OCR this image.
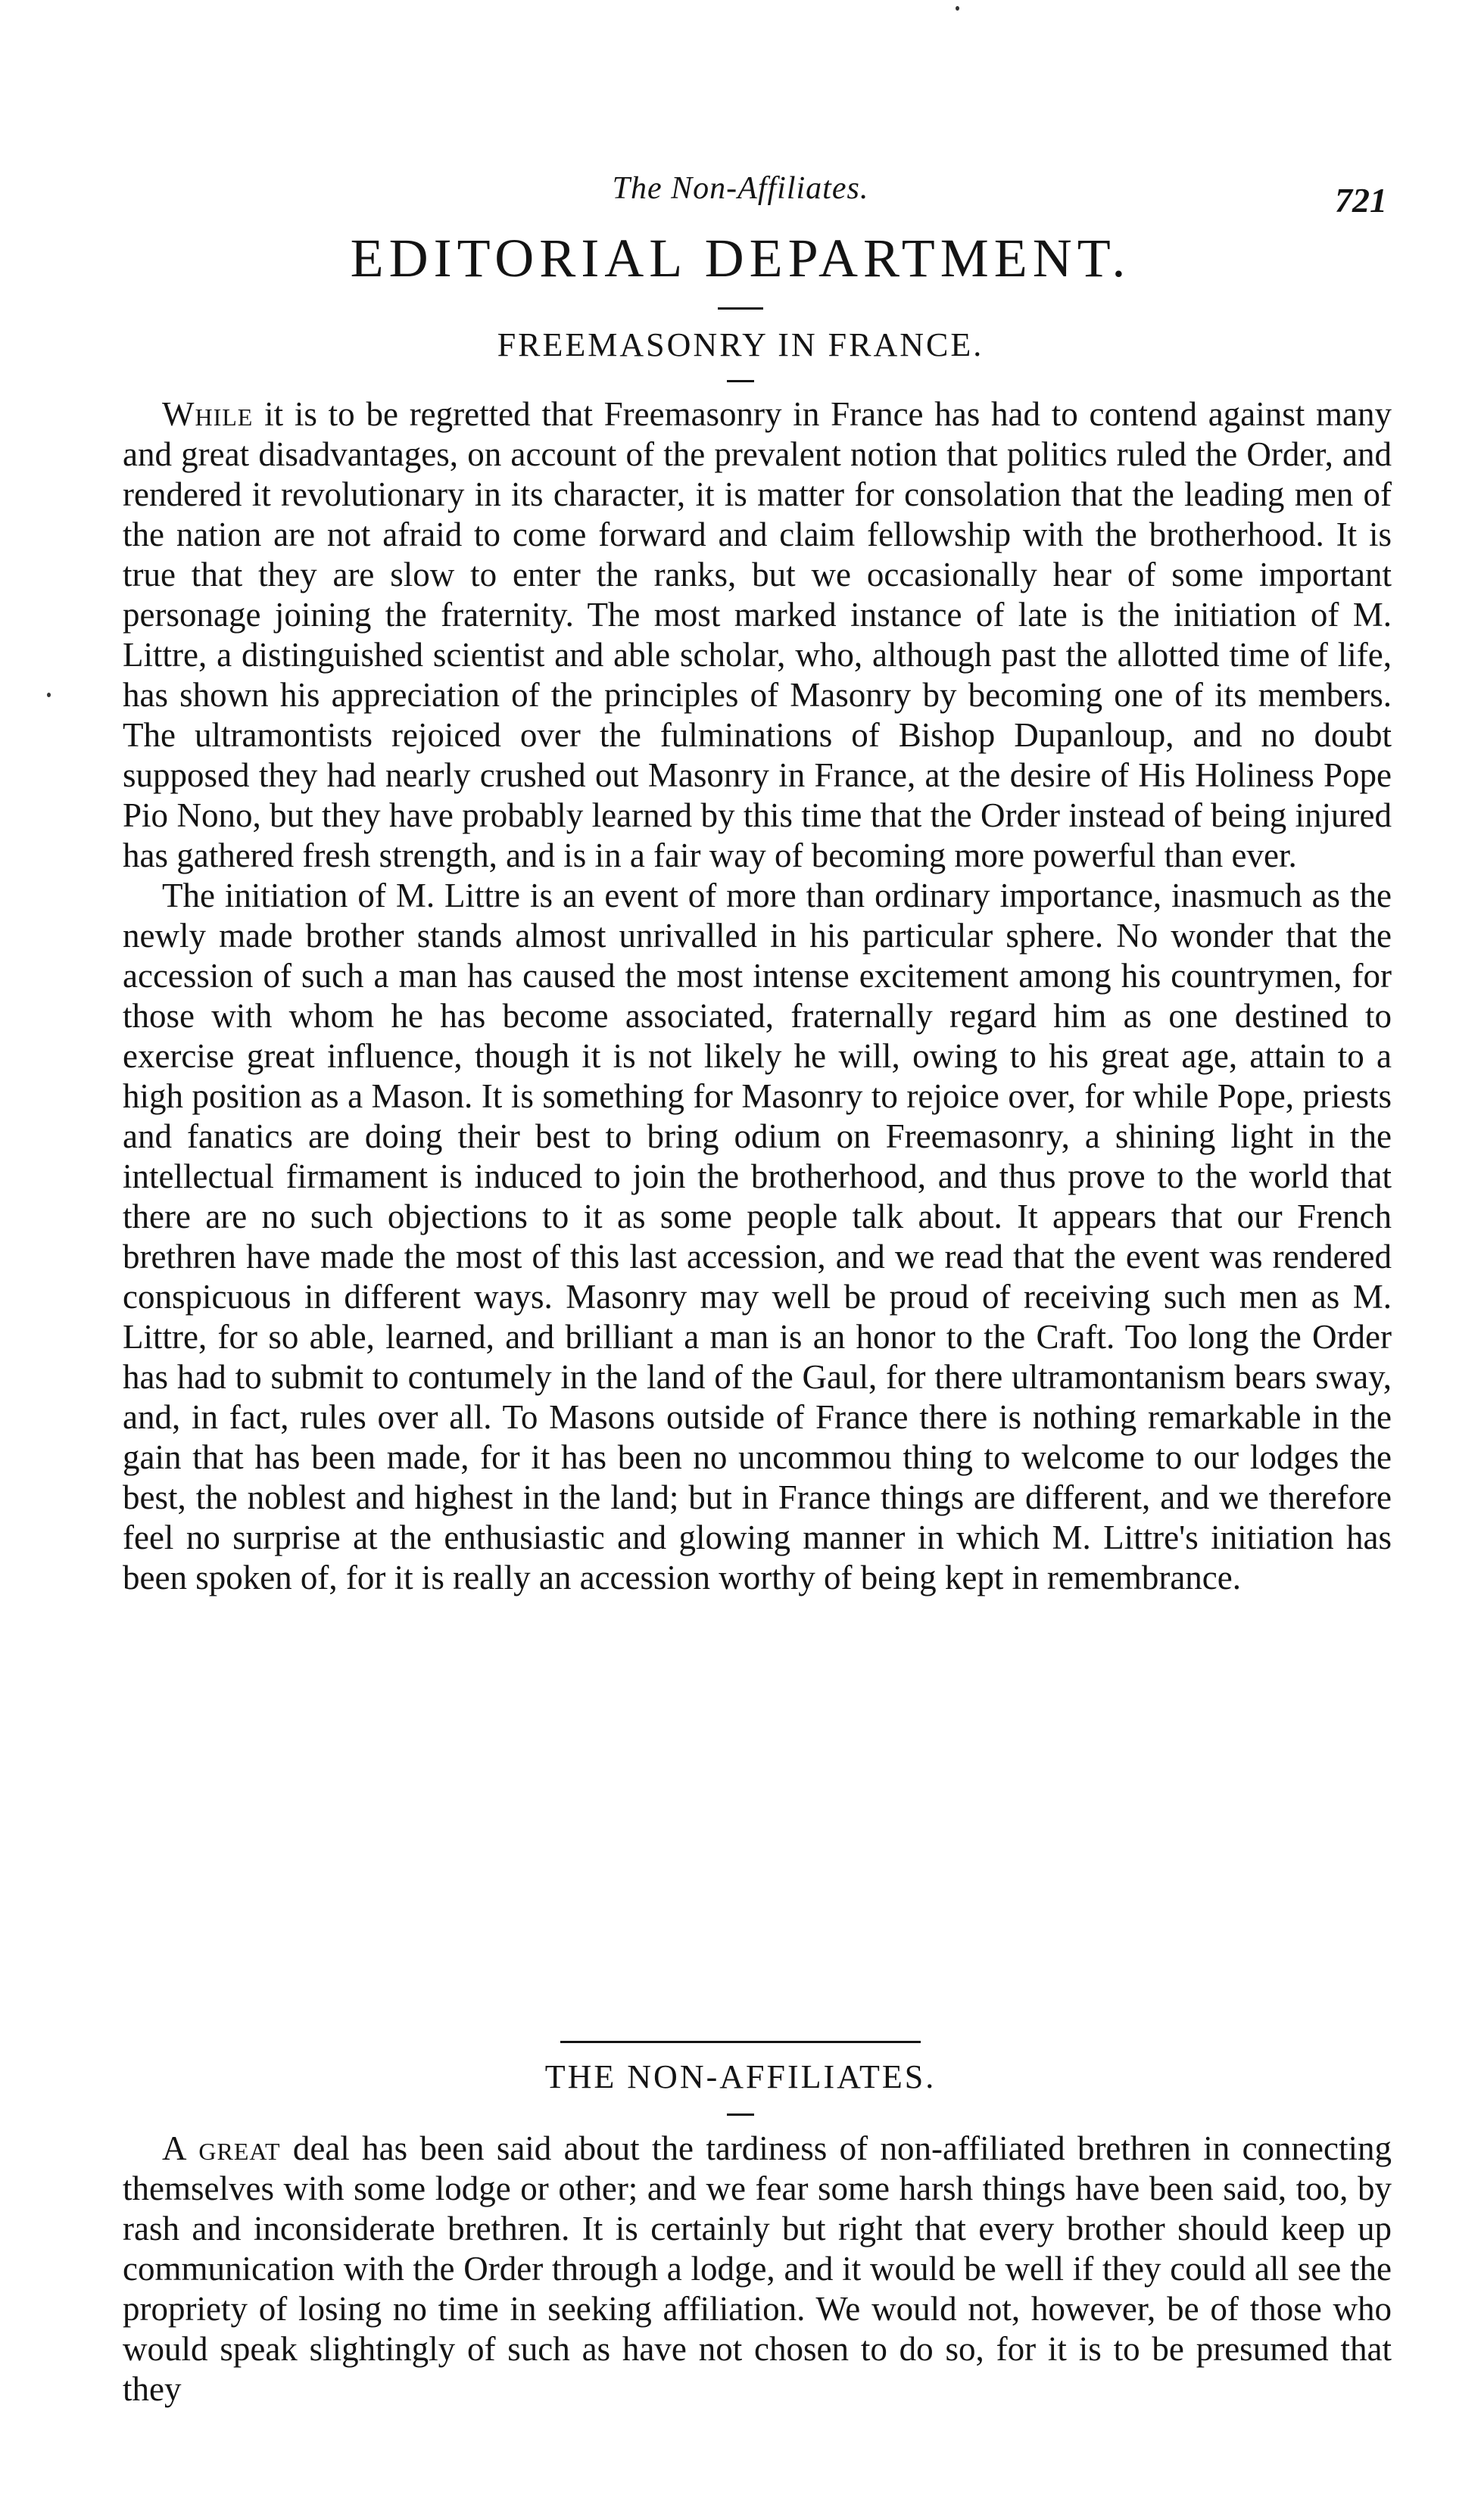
The Non-Affiliates.	721
EDITORIAL DEPARTMENT.
FREEMASONRY IN FRANCE.

While it is to be regretted that Freemasonry in France has had to contend against many and great disadvantages, on account of the prevalent notion that politics ruled the Order, and rendered it revolutionary in its character, it is matter for consolation that the leading men of the nation are not afraid to come forward and claim fellowship with the brotherhood. It is true that they are slow to enter the ranks, but we occasionally hear of some important personage joining the fraternity. The most marked instance of late is the initiation of M. Littre, a distinguished scientist and able scholar, who, although past the allotted time of life, has shown his appreciation of the principles of Masonry by becoming one of its members. The ultramontists rejoiced over the fulminations of Bishop Dupanloup, and no doubt supposed they had nearly crushed out Masonry in France, at the desire of His Holiness Pope Pio Nono, but they have probably learned by this time that the Order instead of being injured has gathered fresh strength, and is in a fair way of becoming more powerful than ever.

The initiation of M. Littre is an event of more than ordinary importance, inasmuch as the newly made brother stands almost unrivalled in his particular sphere. No wonder that the accession of such a man has caused the most intense excitement among his countrymen, for those with whom he has become associated, fraternally regard him as one destined to exercise great influence, though it is not likely he will, owing to his great age, attain to a high position as a Mason. It is something for Masonry to rejoice over, for while Pope, priests and fanatics are doing their best to bring odium on Freemasonry, a shining light in the intellectual firmament is induced to join the brotherhood, and thus prove to the world that there are no such objections to it as some people talk about. It appears that our French brethren have made the most of this last accession, and we read that the event was rendered conspicuous in different ways. Masonry may well be proud of receiving such men as M. Littre, for so able, learned, and brilliant a man is an honor to the Craft. Too long the Order has had to submit to contumely in the land of the Gaul, for there ultramontanism bears sway, and, in fact, rules over all. To Masons outside of France there is nothing remarkable in the gain that has been made, for it has been no uncommou thing to welcome to our lodges the best, the noblest and highest in the land; but in France things are different, and we therefore feel no surprise at the enthusiastic and glowing manner in which M. Littre's initiation has been spoken of, for it is really an accession worthy of being kept in remembrance.

THE NON-AFFILIATES.

A great deal has been said about the tardiness of non-affiliated brethren in connecting themselves with some lodge or other; and we fear some harsh things have been said, too, by rash and inconsiderate brethren. It is certainly but right that every brother should keep up communication with the Order through a lodge, and it would be well if they could all see the propriety of losing no time in seeking affiliation. We would not, however, be of those who would speak slightingly of such as have not chosen to do so, for it is to be presumed that they
